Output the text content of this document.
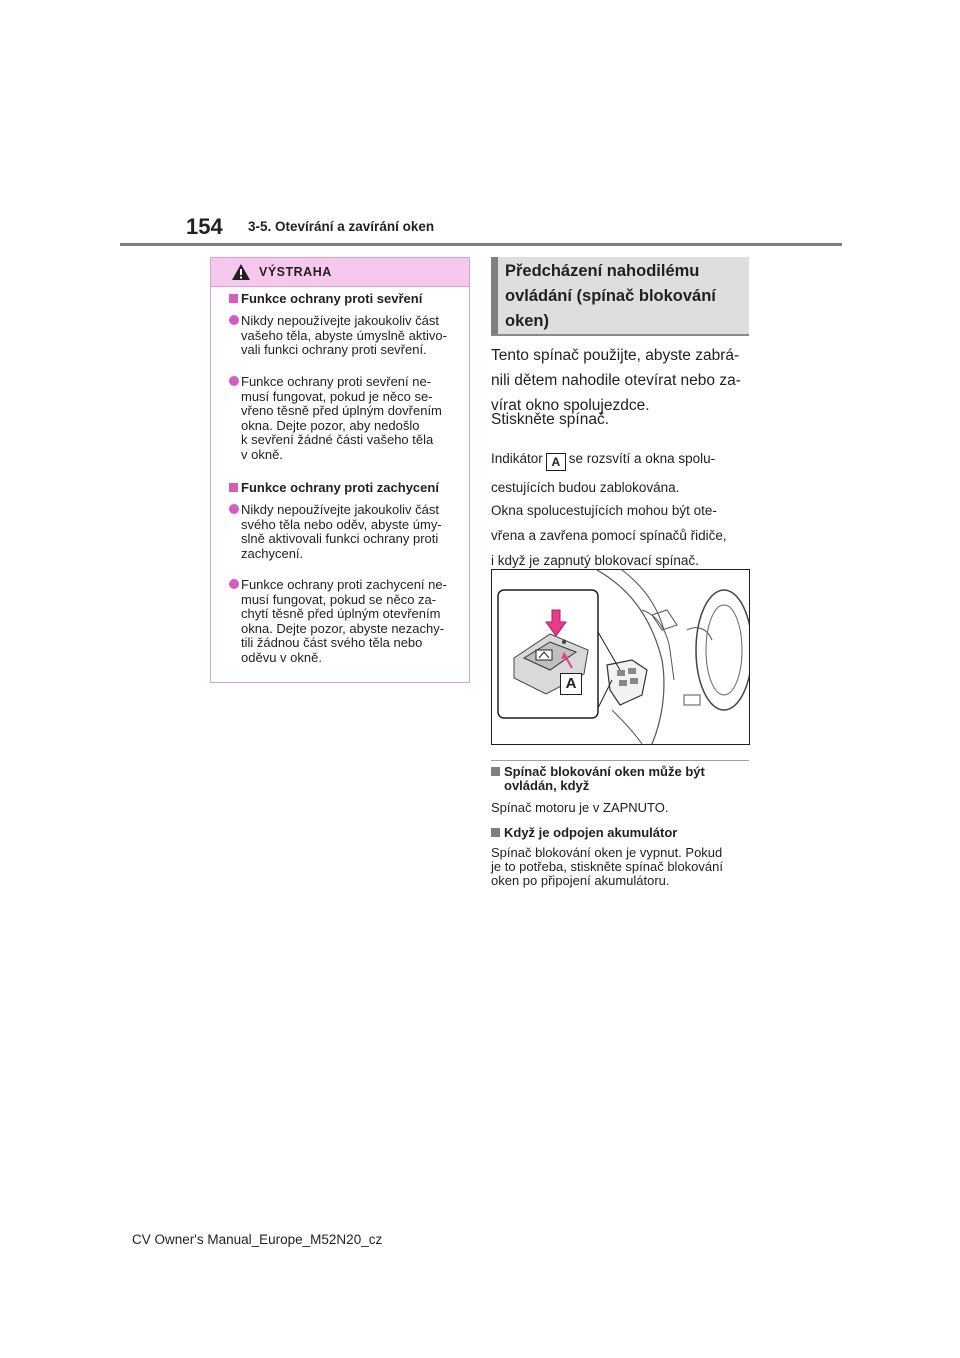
154 3-5. Otevírání a zavírání oken
VÝSTRAHA
Funkce ochrany proti sevření
Nikdy nepoužívejte jakoukoliv část
vašeho těla, abyste úmyslně aktivo-
vali funkci ochrany proti sevření.
Funkce ochrany proti sevření ne-
musí fungovat, pokud je něco se-
vřeno těsně před úplným dovřením
okna. Dejte pozor, aby nedošlo
k sevření žádné části vašeho těla
v okně.
Funkce ochrany proti zachycení
Nikdy nepoužívejte jakoukoliv část
svého těla nebo oděv, abyste úmy-
slně aktivovali funkci ochrany proti
zachycení.
Funkce ochrany proti zachycení ne-
musí fungovat, pokud se něco za-
chytí těsně před úplným otevřením
okna. Dejte pozor, abyste nezachy-
tili žádnou část svého těla nebo
oděvu v okně.
Předcházení nahodilému
ovládání (spínač blokování
oken)
Tento spínač použijte, abyste zabrá-
nili dětem nahodile otevírat nebo za-
vírat okno spolujezdce.
Stiskněte spínač.
Indikátor A se rozsvítí a okna spolu-
cestujících budou zablokována.
Okna spolucestujících mohou být ote-
vřena a zavřena pomocí spínačů řidiče,
i když je zapnutý blokovací spínač.
A
Spínač blokování oken může být
ovládán, když
Spínač motoru je v ZAPNUTO.
Když je odpojen akumulátor
Spínač blokování oken je vypnut. Pokud
je to potřeba, stiskněte spínač blokování
oken po připojení akumulátoru.
CV Owner's Manual_Europe_M52N20_cz
